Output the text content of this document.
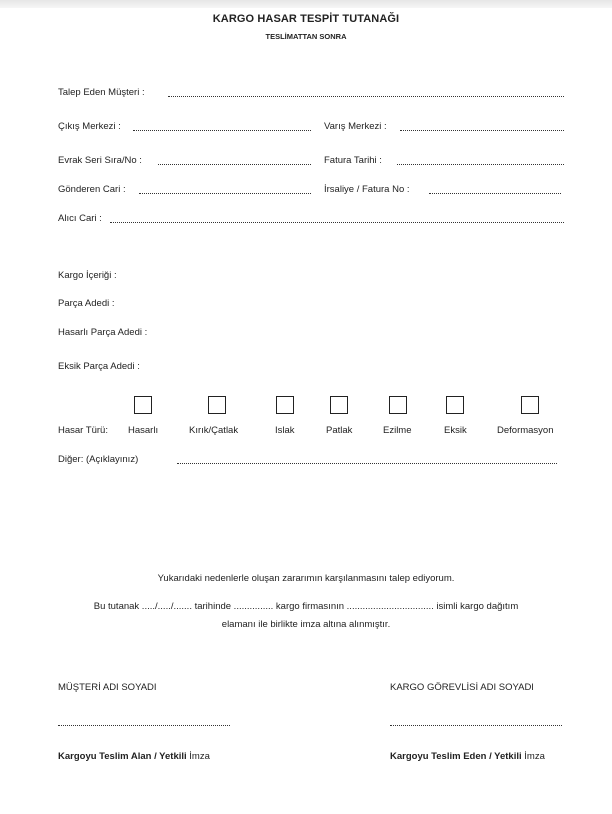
KARGO HASAR TESPİT TUTANAĞI
TESLİMATTAN SONRA
Talep Eden Müşteri :
Çıkış Merkezi :	Varış Merkezi :
Evrak Seri Sıra/No :	Fatura Tarihi :
Gönderen Cari :	İrsaliye / Fatura No :
Alıcı Cari :
Kargo İçeriği :
Parça Adedi :
Hasarlı Parça Adedi :
Eksik Parça Adedi :
Hasar Türü: Hasarlı	Kırık/Çatlak	Islak	Patlak	Ezilme	Eksik	Deformasyon
Diğer: (Açıklayınız)
Yukarıdaki nedenlerle oluşan zararımın karşılanmasını talep ediyorum.
Bu tutanak ...../...../....... tarihinde ............... kargo firmasının ................................. isimli kargo dağıtım
elamanı ile birlikte imza altına alınmıştır.
MÜŞTERİ ADI SOYADI	KARGO GÖREVLİSİ ADI SOYADI
Kargoyu Teslim Alan / Yetkili İmza	Kargoyu Teslim Eden / Yetkili İmza
